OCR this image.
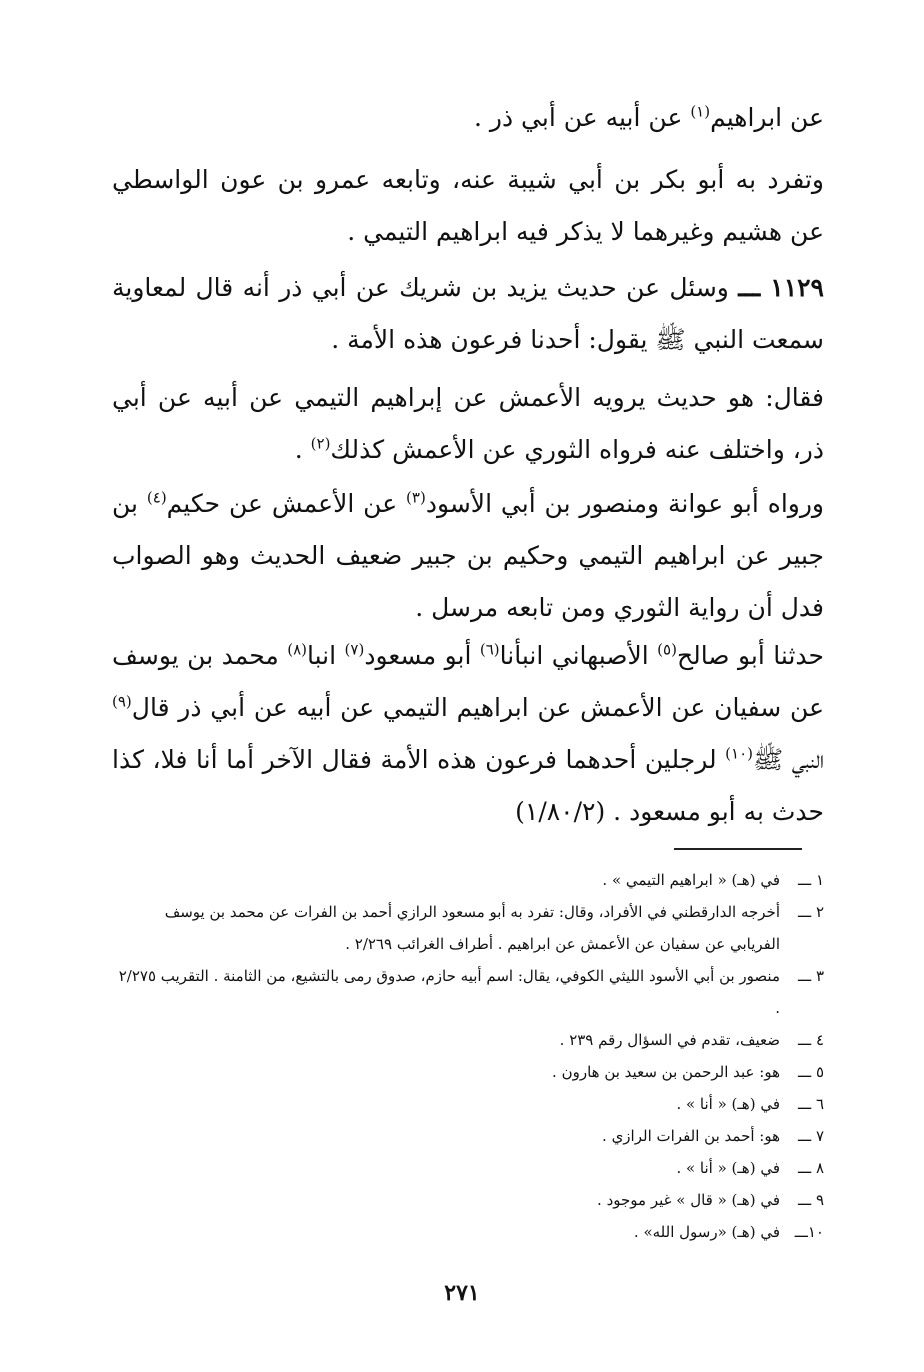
عن ابراهيم$^{(١)}$ عن أبيه عن أبي ذر .

وتفرد به أبو بكر بن أبي شيبة عنه، وتابعه عمرو بن عون الواسطي عن هشيم وغيرهما لا يذكر فيه ابراهيم التيمي .

١١٢٩ ـــ وسئل عن حديث يزيد بن شريك عن أبي ذر أنه قال لمعاوية سمعت النبي ﷺ يقول: أحدنا فرعون هذه الأمة .

فقال: هو حديث يرويه الأعمش عن إبراهيم التيمي عن أبيه عن أبي ذر، واختلف عنه فرواه الثوري عن الأعمش كذلك$^{(٢)}$ .

ورواه أبو عوانة ومنصور بن أبي الأسود$^{(٣)}$ عن الأعمش عن حكيم$^{(٤)}$ بن جبير عن ابراهيم التيمي وحكيم بن جبير ضعيف الحديث وهو الصواب فدل أن رواية الثوري ومن تابعه مرسل .

حدثنا أبو صالح$^{(٥)}$ الأصبهاني انبأنا$^{(٦)}$ أبو مسعود$^{(٧)}$ انبا$^{(٨)}$ محمد بن يوسف عن سفيان عن الأعمش عن ابراهيم التيمي عن أبيه عن أبي ذر قال$^{(٩)}$ النبي ﷺ$^{(١٠)}$ لرجلين أحدهما فرعون هذه الأمة فقال الآخر أما أنا فلا، كذا حدث به أبو مسعود . (١/٨٠/٢)

١ ـــ
في (هـ) « ابراهيم التيمي » .
٢ ـــ
أخرجه الدارقطني في الأفراد، وقال: تفرد به أبو مسعود الرازي أحمد بن الفرات عن محمد بن يوسف الفريابي عن سفيان عن الأعمش عن ابراهيم . أطراف الغرائب ٢/٢٦٩ .
٣ ـــ
منصور بن أبي الأسود الليثي الكوفي، يقال: اسم أبيه حازم، صدوق رمى بالتشيع، من الثامنة . التقريب ٢/٢٧٥ .
٤ ـــ
ضعيف، تقدم في السؤال رقم ٢٣٩ .
٥ ـــ
هو: عبد الرحمن بن سعيد بن هارون .
٦ ـــ
في (هـ) « أنا » .
٧ ـــ
هو: أحمد بن الفرات الرازي .
٨ ـــ
في (هـ) « أنا » .
٩ ـــ
في (هـ) « قال » غير موجود .
١٠ـــ
في (هـ) «رسول الله» .
٢٧١
